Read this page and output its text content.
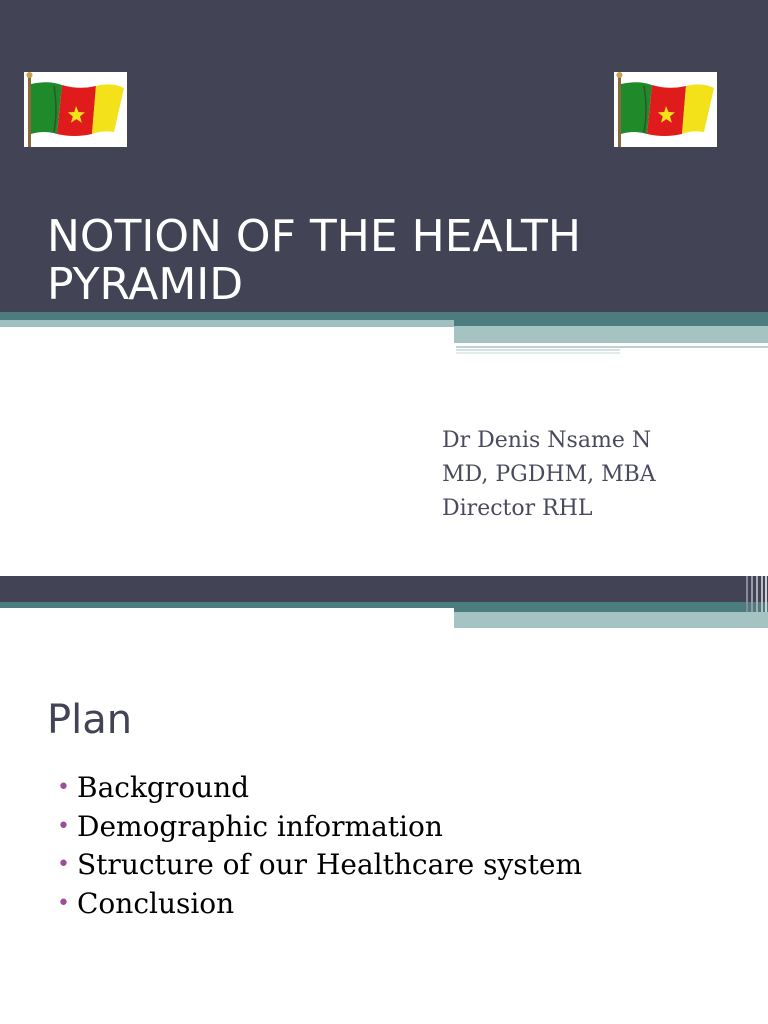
NOTION OF THE HEALTH
PYRAMID
Dr Denis Nsame N
MD, PGDHM, MBA
Director RHL
Plan
• Background
• Demographic information
• Structure of our Healthcare system
• Conclusion
